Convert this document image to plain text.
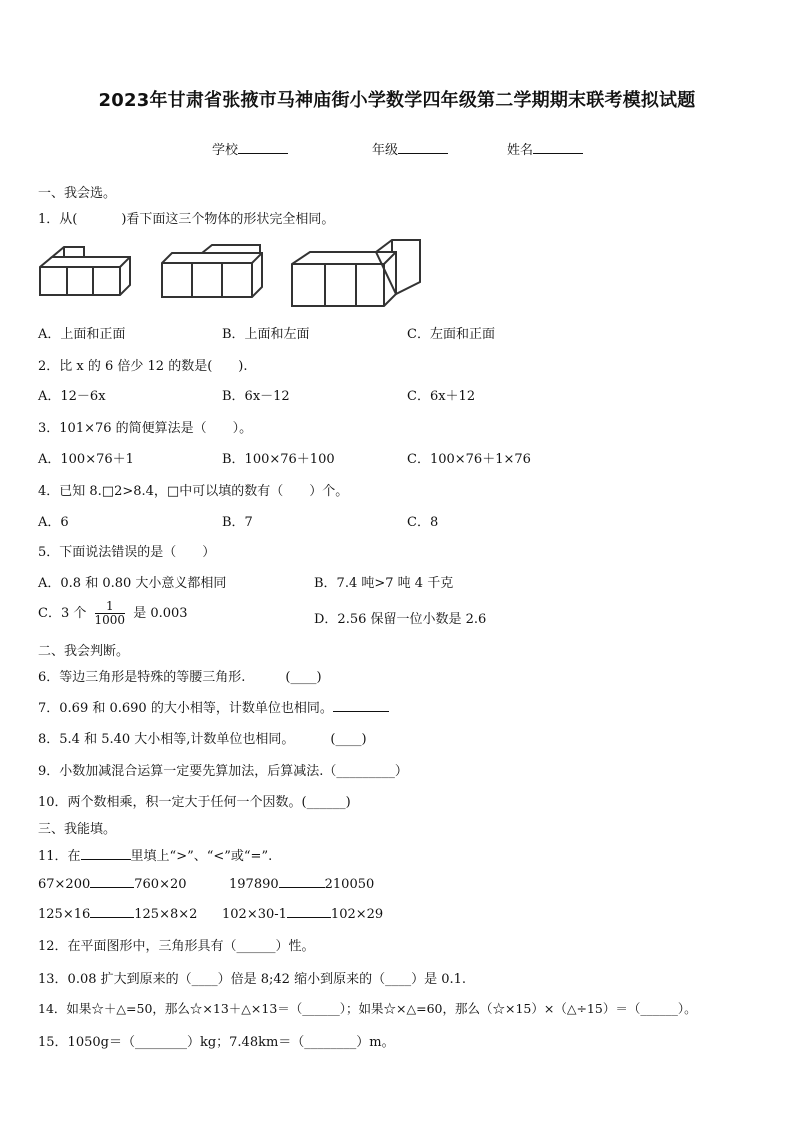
2023年甘肃省张掖市马神庙街小学数学四年级第二学期期末联考模拟试题
学校	年级	姓名
一、我会选。
1．从(	)看下面这三个物体的形状完全相同。
A．上面和正面	B．上面和左面	C．左面和正面
2．比 x 的 6 倍少 12 的数是(　　).
A．12－6x	B．6x－12	C．6x＋12
3．101×76 的简便算法是（　　）。
A．100×76＋1	B．100×76＋100	C．100×76＋1×76
4．已知 8.□2>8.4，□中可以填的数有（　　）个。
A．6	B．7	C．8
5．下面说法错误的是（　　）
A．0.8 和 0.80 大小意义都相同	B．7.4 吨>7 吨 4 千克
C．3 个 $\frac{1}{1000}$ 是 0.003	D．2.56 保留一位小数是 2.6
二、我会判断。
6．等边三角形是特殊的等腰三角形.	(____)
7．0.69 和 0.690 的大小相等，计数单位也相同。
8．5.4 和 5.40 大小相等,计数单位也相同。	(____)
9．小数加减混合运算一定要先算加法，后算减法.（_________）
10．两个数相乘，积一定大于任何一个因数。(______)
三、我能填。
11．在	里填上“>”、“<”或“=”.
67×200	760×20	197890	210050
125×16	125×8×2 102×30-1	102×29
12．在平面图形中，三角形具有（______）性。
13．0.08 扩大到原来的（____）倍是 8;42 缩小到原来的（____）是 0.1.
14．如果☆＋△=50，那么☆×13＋△×13＝（______）；如果☆×△=60，那么（☆×15）×（△÷15）＝（______）。
15．1050g＝（________）kg；7.48km＝（________）m。
